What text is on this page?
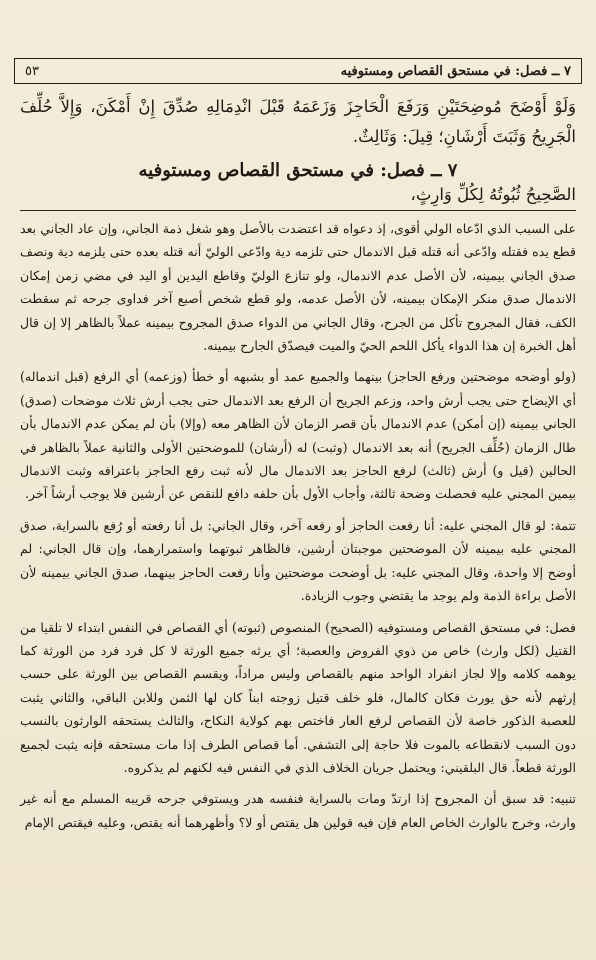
٧ ــ فصل: في مستحق القصاص ومستوفيه
٥٣
وَلَوْ أَوْضَحَ مُوضِحَتَيْنِ وَرَفَعَ الْحَاجِزَ وَزَعَمَهُ قَبْلَ انْدِمَالِهِ صُدِّقَ إِنْ أَمْكَنَ، وَإِلاَّ حُلِّفَ الْجَرِيحُ وَثَبَتَ أَرْشَانِ؛ قِيلَ: وَثَالِثٌ.
٧ ــ فصل: في مستحق القصاص ومستوفيه
الصَّحِيحُ ثُبُوتُهُ لِكُلِّ وَارِثٍ،

على السبب الذي ادّعاه الولي أقوى، إذ دعواه قد اعتضدت بالأصل وهو شغل ذمة الجاني، وإن عاد الجاني بعد قطع يده فقتله وادّعى أنه قتله قبل الاندمال حتى تلزمه دية وادّعى الوليّ أنه قتله بعده حتى يلزمه دية ونصف صدق الجاني بيمينه، لأن الأصل عدم الاندمال، ولو تنازع الوليّ وقاطع اليدين أو اليد في مضي زمن إمكان الاندمال صدق منكر الإمكان بيمينه، لأن الأصل عدمه، ولو قطع شخص أصبع آخر فداوى جرحه ثم سقطت الكف، فقال المجروح تأكل من الجرح، وقال الجاني من الدواء صدق المجروح بيمينه عملاً بالظاهر إلا إن قال أهل الخبرة إن هذا الدواء يأكل اللحم الحيّ والميت فيصدّق الجارح بيمينه.

(ولو أوضحه موضحتين ورفع الحاجز) بينهما والجميع عمد أو بشبهه أو خطأ (وزعمه) أي الرفع (قبل اندماله) أي الإيضاح حتى يجب أرش واحد، وزعم الجريح أن الرفع بعد الاندمال حتى يجب أرش ثلاث موضحات (صدق) الجاني بيمينه (إن أمكن) عدم الاندمال بأن قصر الزمان لأن الظاهر معه (وإلا) بأن لم يمكن عدم الاندمال بأن طال الزمان (حُلِّف الجريح) أنه بعد الاندمال (وثبت) له (أرشان) للموضحتين الأولى والثانية عملاً بالظاهر في الحالين (قيل و) أرش (ثالث) لرفع الحاجز بعد الاندمال مال لأنه ثبت رفع الحاجز باعترافه وثبت الاندمال بيمين المجني عليه فحصلت وضحة ثالثة، وأجاب الأول بأن حلفه دافع للنقص عن أرشين فلا يوجب أرشاً آخر.

تتمة: لو قال المجني عليه: أنا رفعت الحاجز أو رفعه آخر، وقال الجاني: بل أنا رفعته أو رُفع بالسراية، صدق المجني عليه بيمينه لأن الموضحتين موجبتان أرشين، فالظاهر ثبوتهما واستمرارهما، وإن قال الجاني: لم أوضح إلا واحدة، وقال المجني عليه: بل أوضحت موضحتين وأنا رفعت الحاجز بينهما، صدق الجاني بيمينه لأن الأصل براءة الذمة ولم يوجد ما يقتضي وجوب الزيادة.

فصل: في مستحق القصاص ومستوفيه (الصحيح) المنصوص (ثبوته) أي القصاص في النفس ابتداء لا تلقيا من القتيل (لكل وارث) خاص من ذوي الفروض والعصبة؛ أي يرثه جميع الورثة لا كل فرد فرد من الورثة كما يوهمه كلامه وإلا لجاز انفراد الواحد منهم بالقصاص وليس مراداً، ويقسم القصاص بين الورثة على حسب إرثهم لأنه حق يورث فكان كالمال، فلو خلف قتيل زوجته ابناً كان لها الثمن وللابن الباقي، والثاني يثبت للعصبة الذكور خاصة لأن القصاص لرفع العار فاختص بهم كولاية النكاح، والثالث يستحقه الوارثون بالنسب دون السبب لانقطاعه بالموت فلا حاجة إلى التشفي. أما قصاص الطرف إذا مات مستحقه فإنه يثبت لجميع الورثة قطعاً. قال البلقيني: ويحتمل جريان الخلاف الذي في النفس فيه لكنهم لم يذكروه.

تنبيه: قد سبق أن المجروح إذا ارتدّ ومات بالسراية فنفسه هدر ويستوفي جرحه قريبه المسلم مع أنه غير وارث، وخرج بالوارث الخاص العام فإن فيه قولين هل يقتص أو لا؟ وأظهرهما أنه يقتص، وعليه فيقتص الإمام
